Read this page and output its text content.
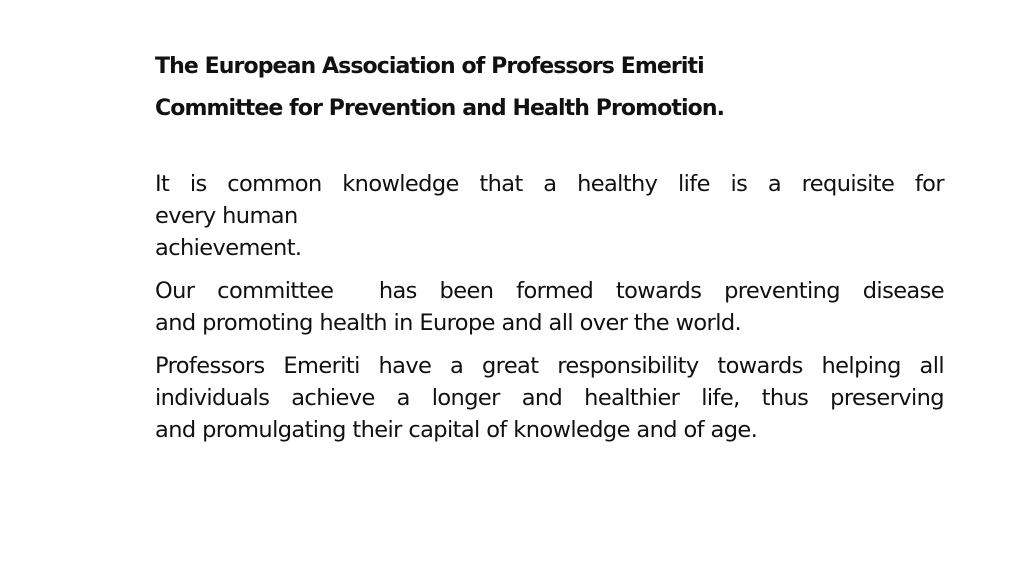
The European Association of Professors Emeriti
Committee for Prevention and Health Promotion.
It is common knowledge that a healthy life is a requisite for
every human
achievement.
Our committee  has been formed towards preventing disease
and promoting health in Europe and all over the world.
Professors Emeriti have a great responsibility towards helping all
individuals achieve a longer and healthier life, thus preserving
and promulgating their capital of knowledge and of age.
